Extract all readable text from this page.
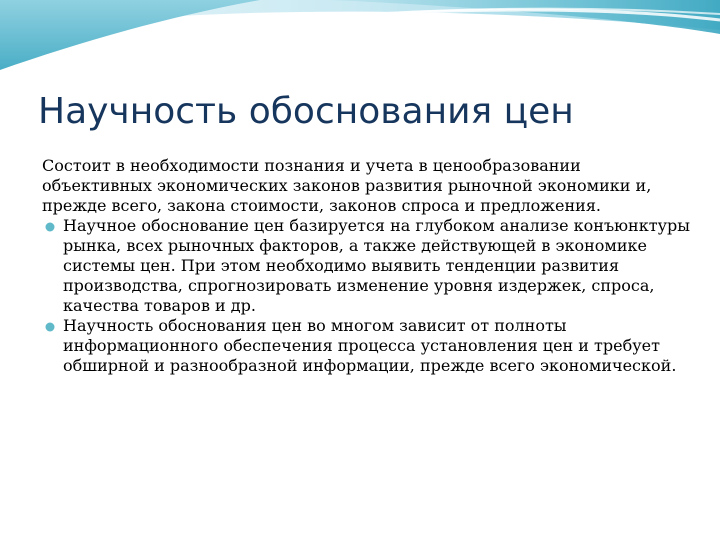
Научность обоснования цен

Состоит в необходимости познания и учета в ценообразовании объективных экономических законов развития рыночной экономики и, прежде всего, закона стоимости, законов спроса и предложения.

Научное обоснование цен базируется на глубоком анализе конъюнктуры рынка, всех рыночных факторов, а также действующей в экономике системы цен. При этом необходимо выявить тенденции развития производства, спрогнозировать изменение уровня издержек, спроса, качества товаров и др.
Научность обоснования цен во многом зависит от полноты информационного обеспечения процесса установления цен и требует обширной и разнообразной информации, прежде всего экономической.
